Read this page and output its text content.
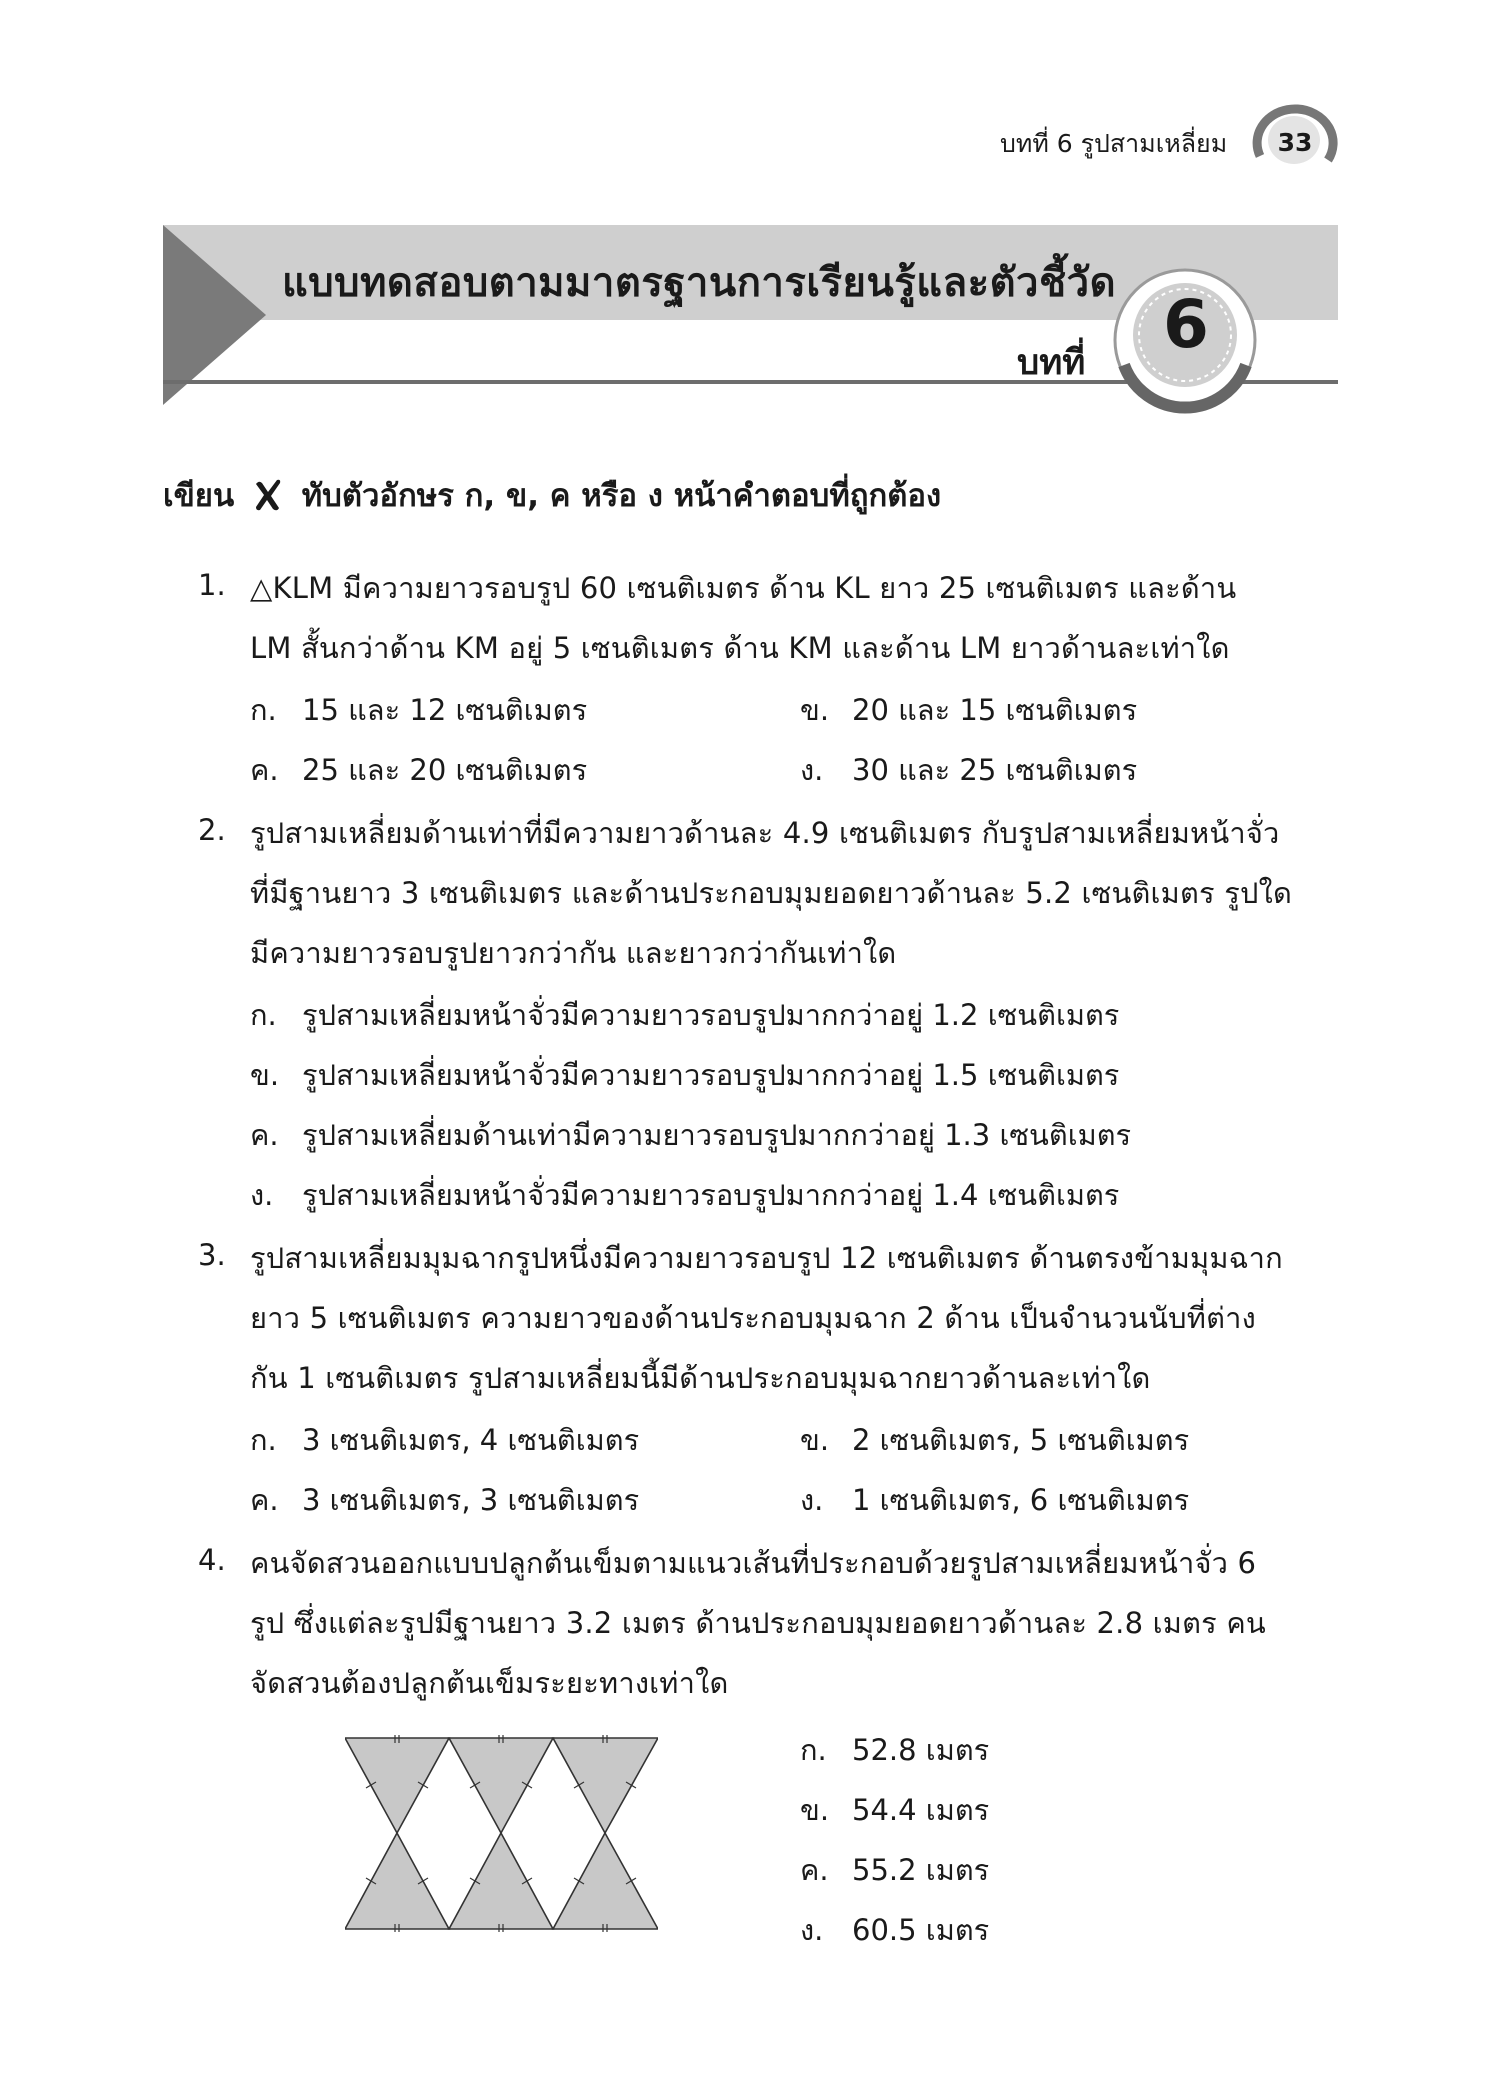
บทที่ 6 รูปสามเหลี่ยม 33
แบบทดสอบตามมาตรฐานการเรียนรู้และตัวชี้วัด
บทที่ 6
เขียน ทับตัวอักษร ก, ข, ค หรือ ง หน้าคำตอบที่ถูกต้อง
1. △KLM มีความยาวรอบรูป 60 เซนติเมตร ด้าน KL ยาว 25 เซนติเมตร และด้าน
LM สั้นกว่าด้าน KM อยู่ 5 เซนติเมตร ด้าน KM และด้าน LM ยาวด้านละเท่าใด
ก. 15 และ 12 เซนติเมตร	ข. 20 และ 15 เซนติเมตร
ค. 25 และ 20 เซนติเมตร	ง. 30 และ 25 เซนติเมตร
2. รูปสามเหลี่ยมด้านเท่าที่มีความยาวด้านละ 4.9 เซนติเมตร กับรูปสามเหลี่ยมหน้าจั่ว
ที่มีฐานยาว 3 เซนติเมตร และด้านประกอบมุมยอดยาวด้านละ 5.2 เซนติเมตร รูปใด
มีความยาวรอบรูปยาวกว่ากัน และยาวกว่ากันเท่าใด
ก. รูปสามเหลี่ยมหน้าจั่วมีความยาวรอบรูปมากกว่าอยู่ 1.2 เซนติเมตร
ข. รูปสามเหลี่ยมหน้าจั่วมีความยาวรอบรูปมากกว่าอยู่ 1.5 เซนติเมตร
ค. รูปสามเหลี่ยมด้านเท่ามีความยาวรอบรูปมากกว่าอยู่ 1.3 เซนติเมตร
ง. รูปสามเหลี่ยมหน้าจั่วมีความยาวรอบรูปมากกว่าอยู่ 1.4 เซนติเมตร
3. รูปสามเหลี่ยมมุมฉากรูปหนึ่งมีความยาวรอบรูป 12 เซนติเมตร ด้านตรงข้ามมุมฉาก
ยาว 5 เซนติเมตร ความยาวของด้านประกอบมุมฉาก 2 ด้าน เป็นจำนวนนับที่ต่าง
กัน 1 เซนติเมตร รูปสามเหลี่ยมนี้มีด้านประกอบมุมฉากยาวด้านละเท่าใด
ก. 3 เซนติเมตร, 4 เซนติเมตร	ข. 2 เซนติเมตร, 5 เซนติเมตร
ค. 3 เซนติเมตร, 3 เซนติเมตร	ง. 1 เซนติเมตร, 6 เซนติเมตร
4. คนจัดสวนออกแบบปลูกต้นเข็มตามแนวเส้นที่ประกอบด้วยรูปสามเหลี่ยมหน้าจั่ว 6
รูป ซึ่งแต่ละรูปมีฐานยาว 3.2 เมตร ด้านประกอบมุมยอดยาวด้านละ 2.8 เมตร คน
จัดสวนต้องปลูกต้นเข็มระยะทางเท่าใด
ก. 52.8 เมตร
ข. 54.4 เมตร
ค. 55.2 เมตร
ง. 60.5 เมตร
